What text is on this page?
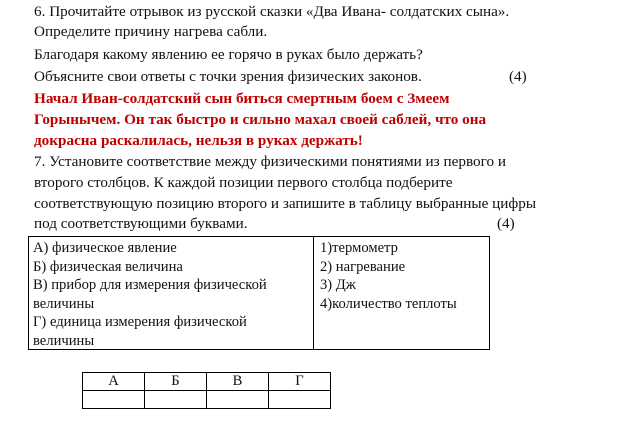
6. Прочитайте отрывок из русской сказки «Два Ивана- солдатских сына».
Определите причину нагрева сабли.
Благодаря какому явлению ее горячо в руках было держать?
Объясните свои ответы с точки зрения физических законов.	(4)
Начал Иван-солдатский сын биться смертным боем с Змеем
Горынычем. Он так быстро и сильно махал своей саблей, что она
докрасна раскалилась, нельзя в руках держать!
7. Установите соответствие между физическими понятиями из первого и
второго столбцов. К каждой позиции первого столбца подберите
соответствующую позицию второго и запишите в таблицу выбранные цифры
под соответствующими буквами.	(4)
А) физическое явление
Б) физическая величина
В) прибор для измерения физической величины
Г) единица измерения физической величины
1)термометр
2) нагревание
3) Дж
4)количество теплоты
А	Б	В	Г
